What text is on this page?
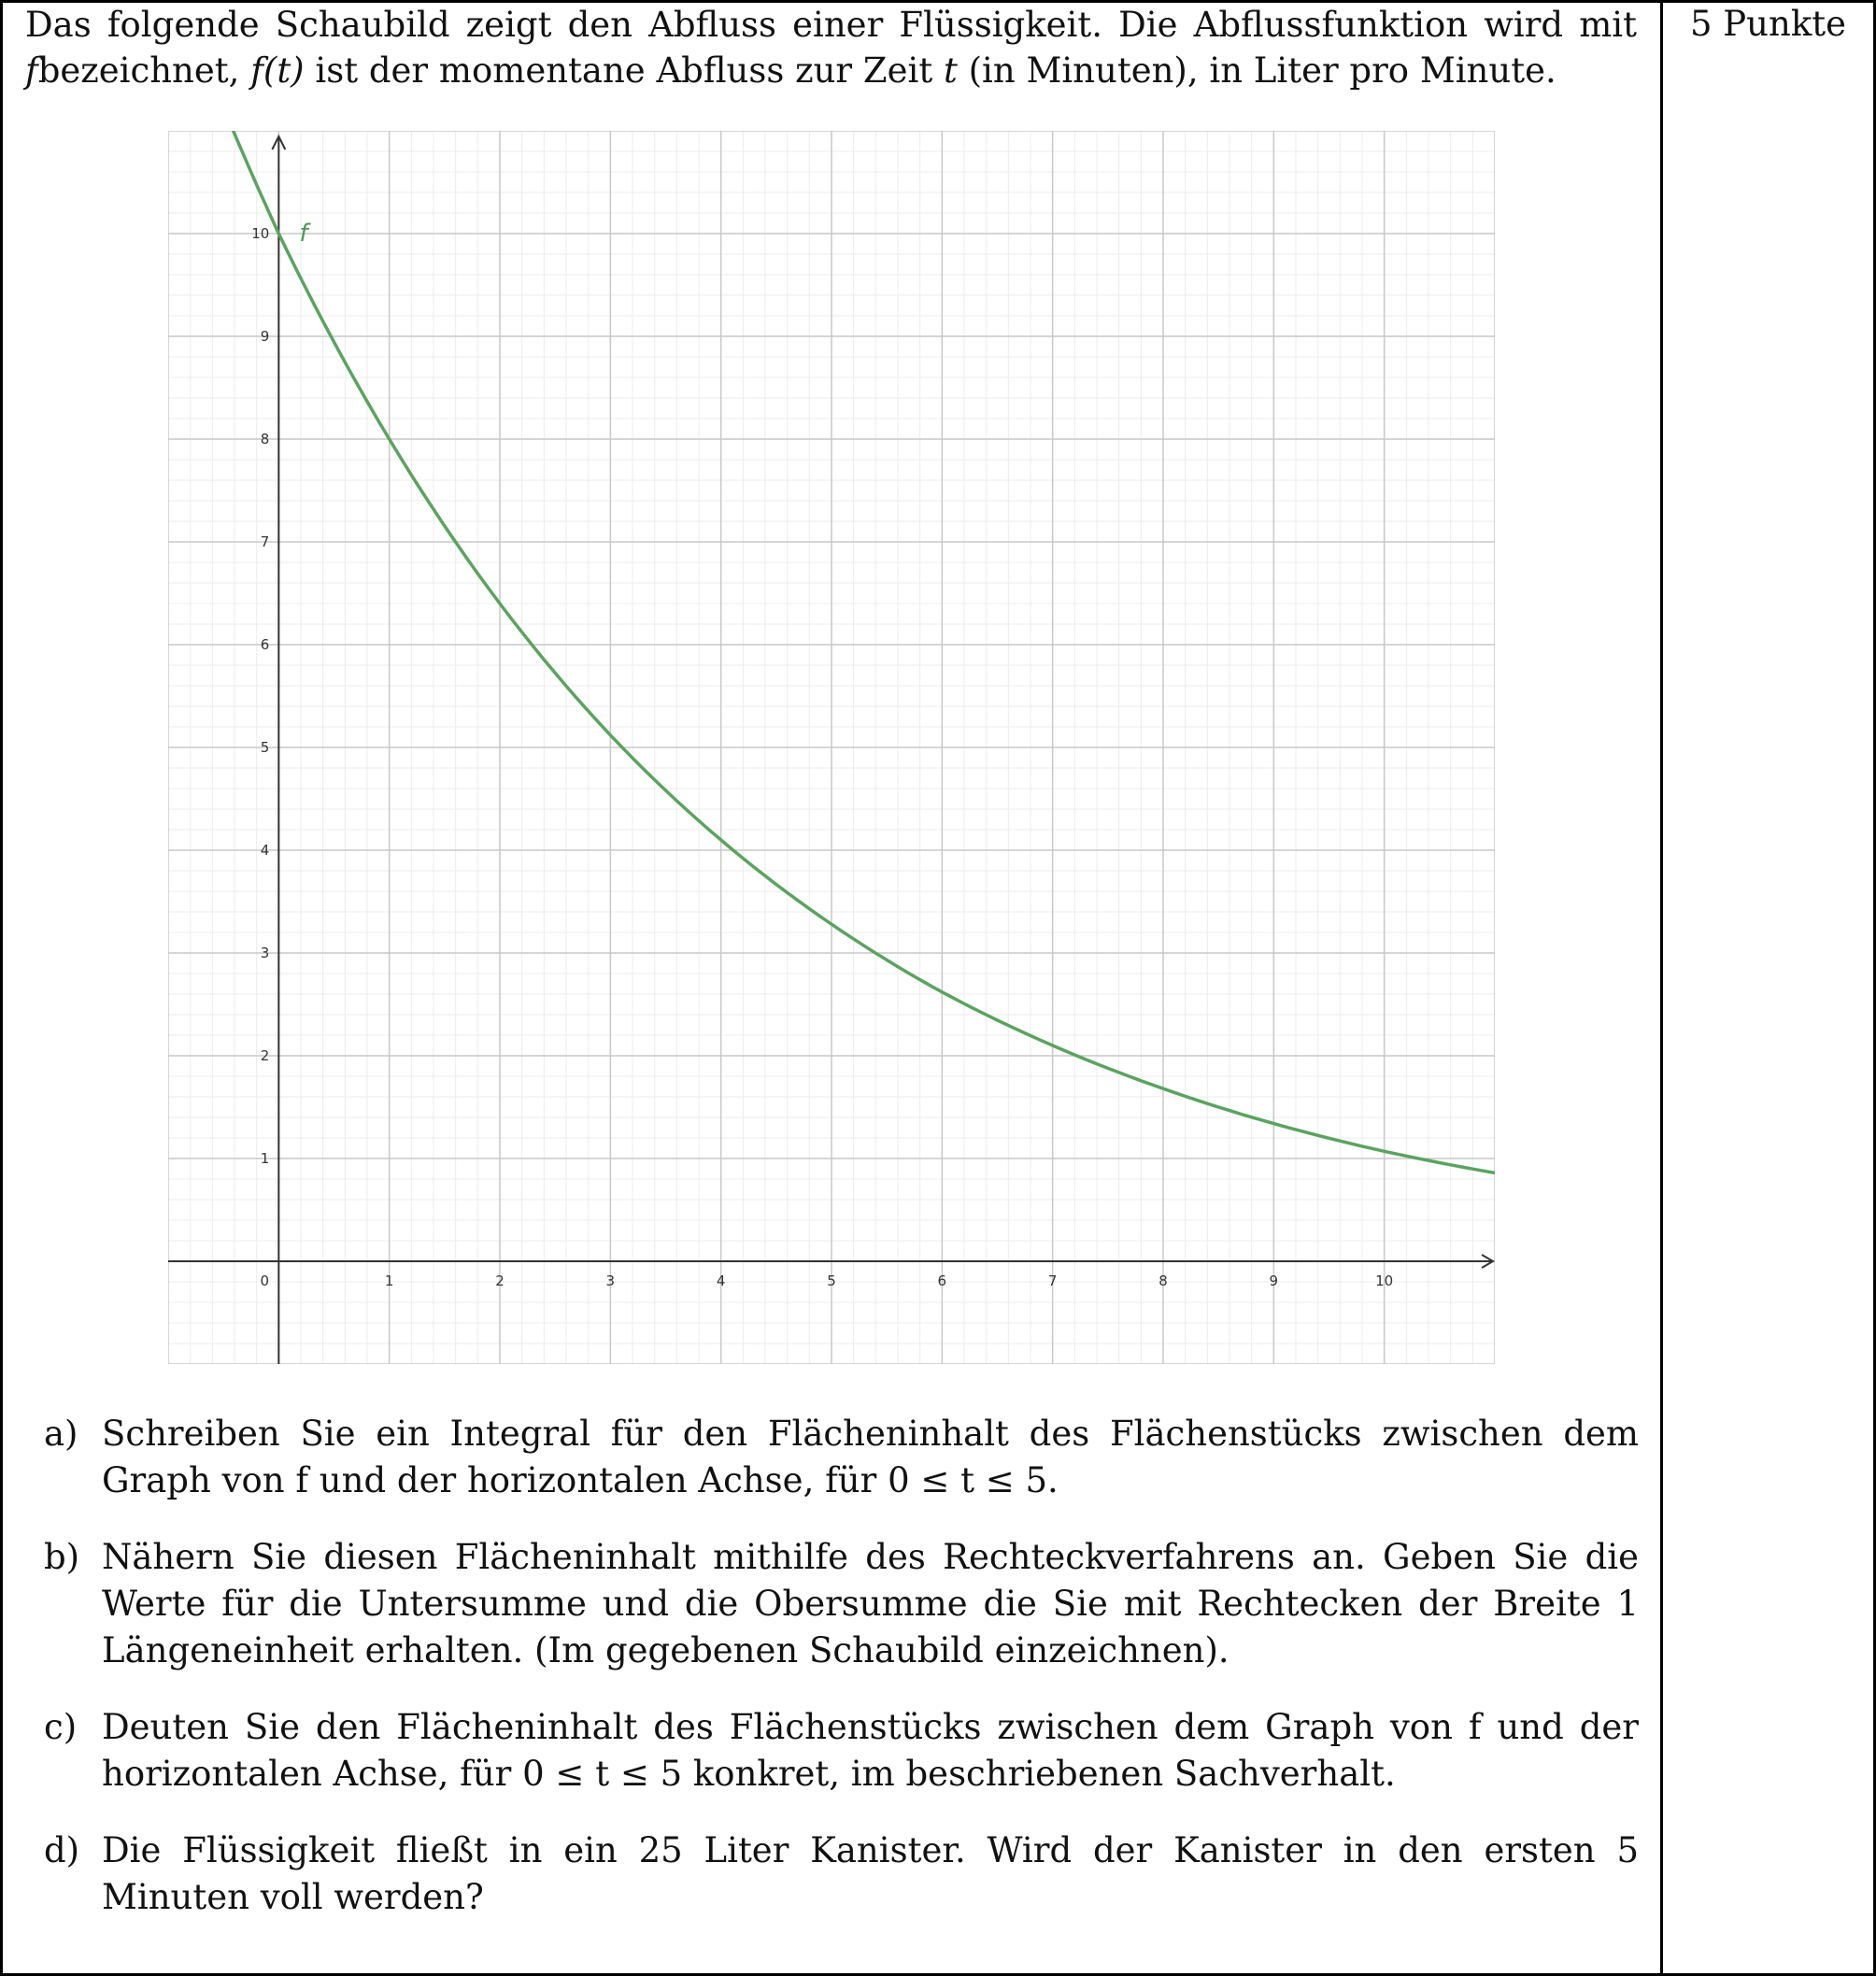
5 Punkte
Das folgende Schaubild zeigt den Abfluss einer Flüssigkeit. Die Abflussfunktion wird mit fbezeichnet, f(t) ist der momentane Abfluss zur Zeit t (in Minuten), in Liter pro Minute.
0	1	2	3	4	5	6	7	8	9	10
1
2
3
4
5
6
7
8
9
10 f
a) Schreiben Sie ein Integral für den Flächeninhalt des Flächenstücks zwischen dem Graph von f und der horizontalen Achse, für 0 ≤ t ≤ 5.
b) Nähern Sie diesen Flächeninhalt mithilfe des Rechteckverfahrens an. Geben Sie die Werte für die Untersumme und die Obersumme die Sie mit Rechtecken der Breite 1 Längeneinheit erhalten. (Im gegebenen Schaubild einzeichnen).
c) Deuten Sie den Flächeninhalt des Flächenstücks zwischen dem Graph von f und der horizontalen Achse, für 0 ≤ t ≤ 5 konkret, im beschriebenen Sachverhalt.
d) Die Flüssigkeit fließt in ein 25 Liter Kanister. Wird der Kanister in den ersten 5 Minuten voll werden?
